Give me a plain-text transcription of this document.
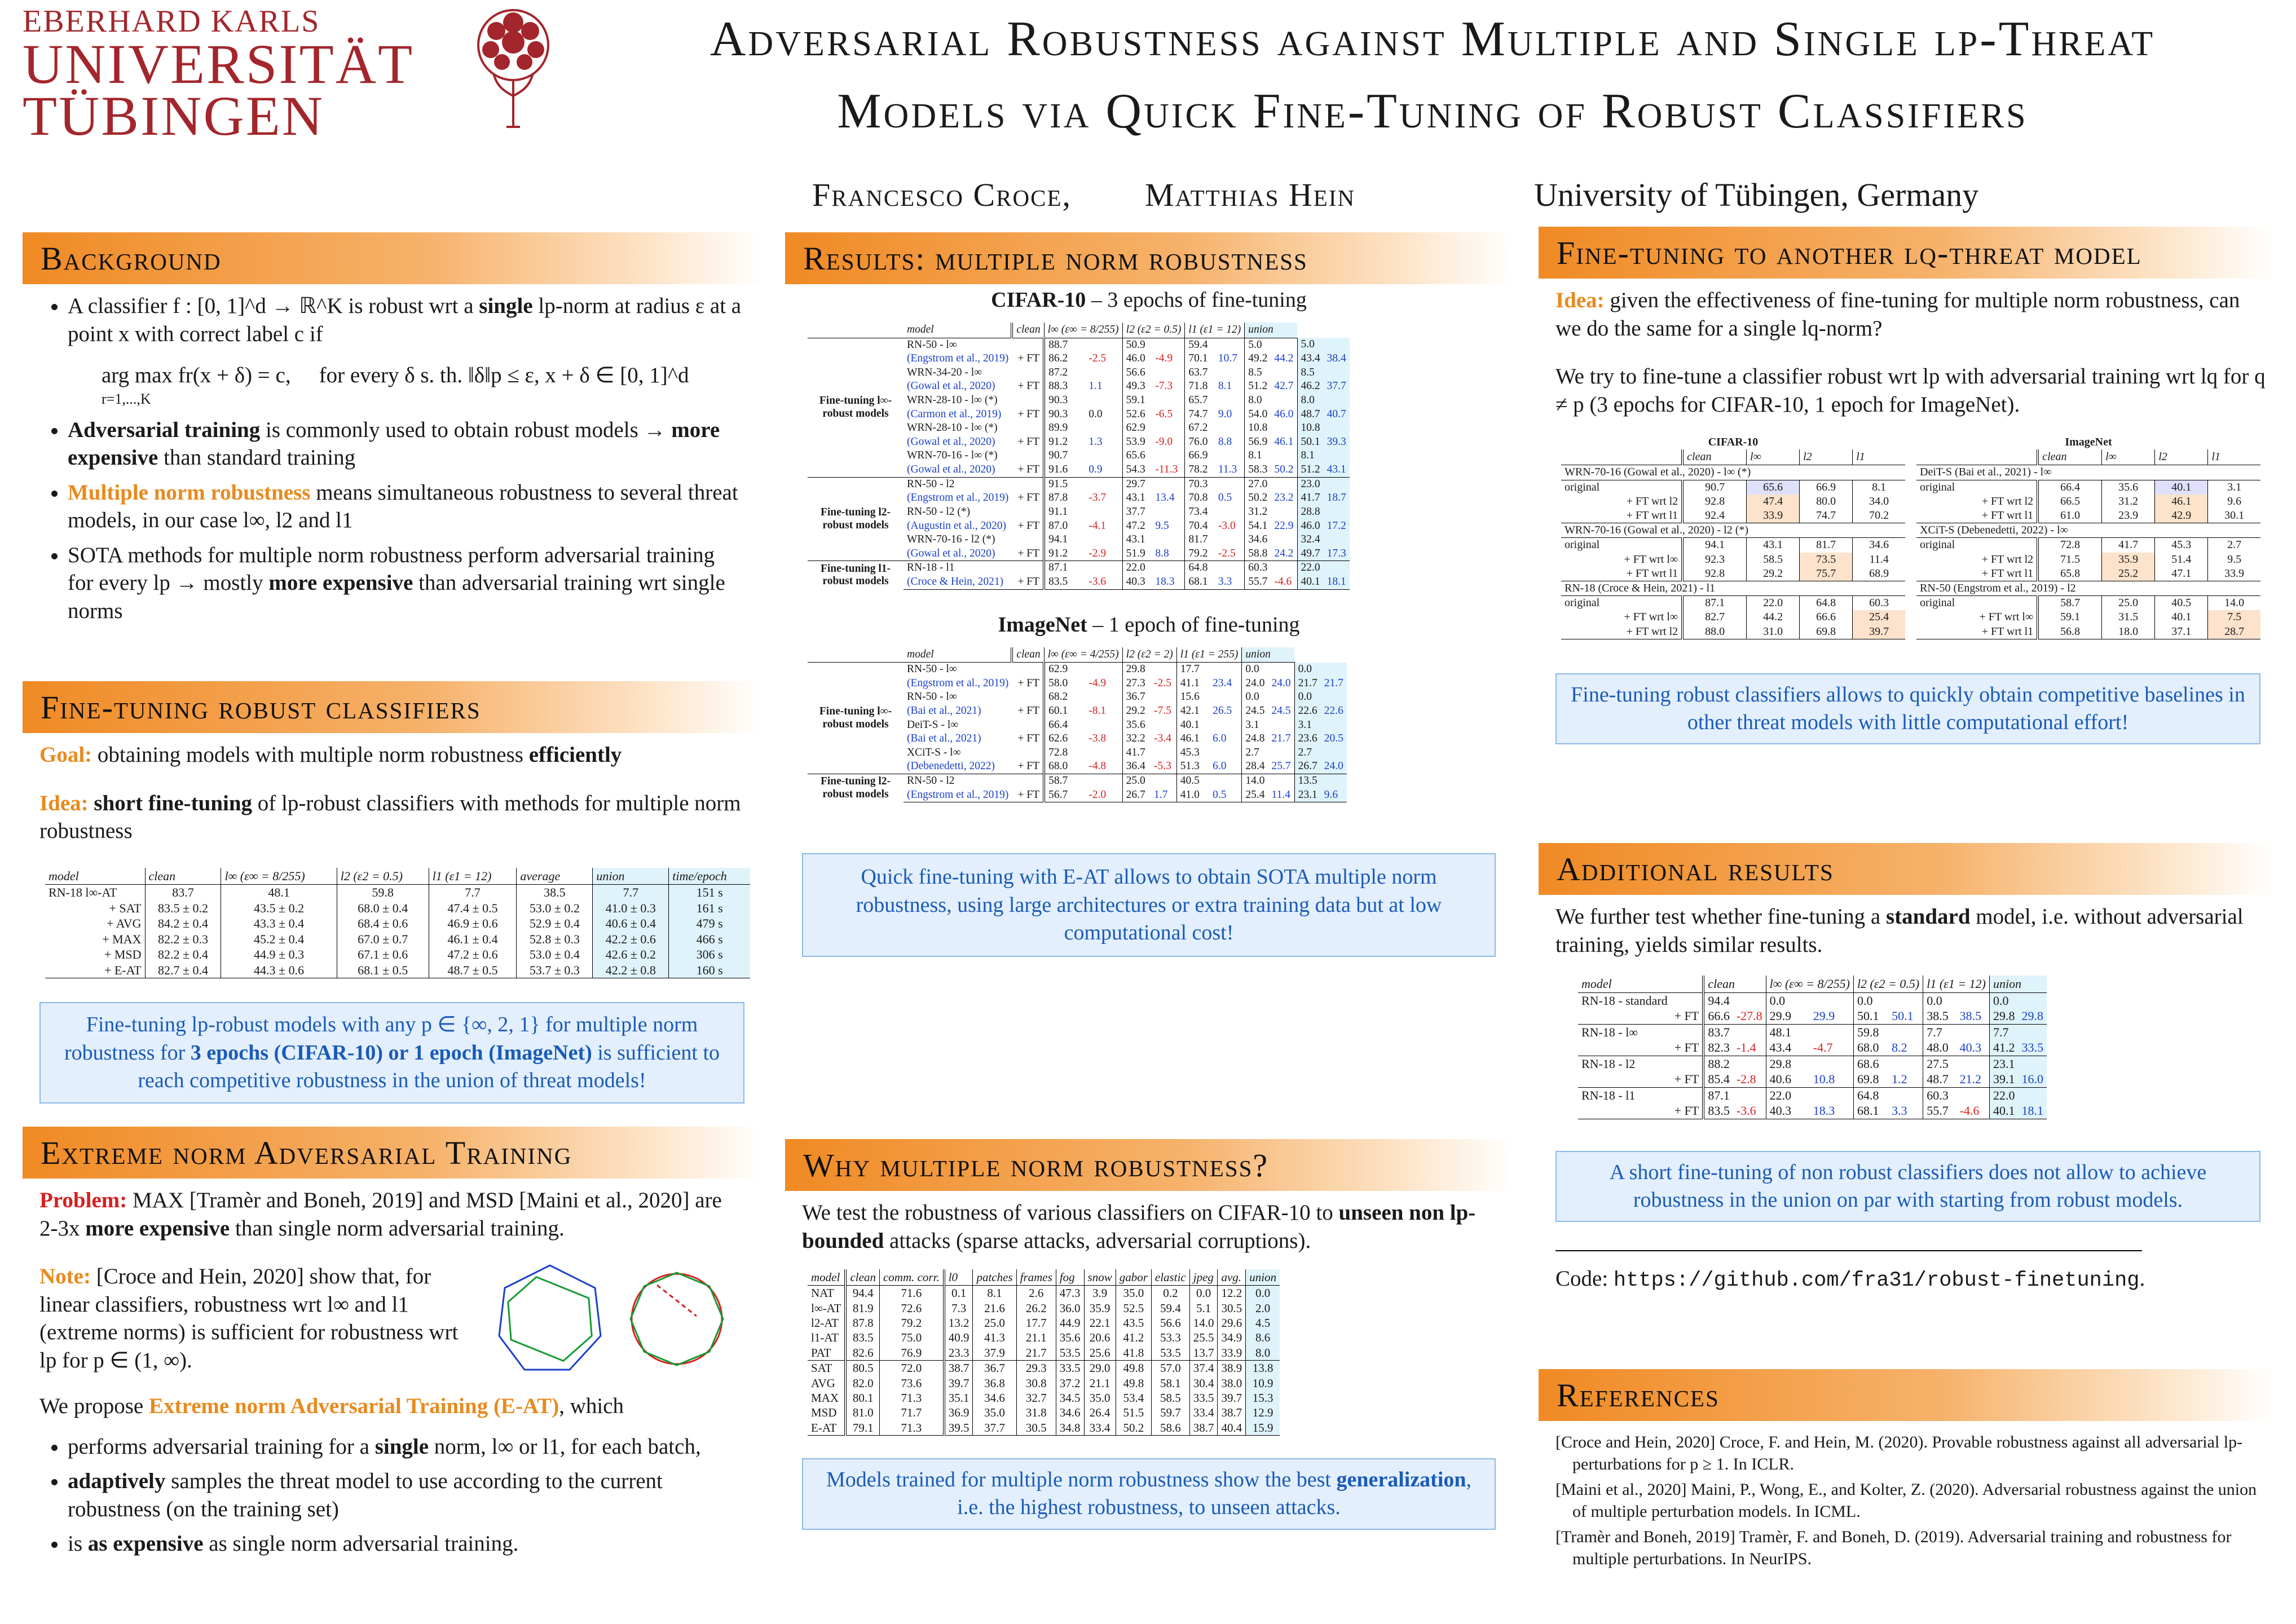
EBERHARD KARLS
UNIVERSITÄT
TÜBINGEN
Adversarial Robustness against Multiple and Single lp-Threat
Models via Quick Fine-Tuning of Robust Classifiers
Francesco Croce, Matthias Hein	University of Tübingen, Germany
Background
• A classifier f : [0, 1]^d → ℝ^K is robust wrt a single lp-norm at radius ε at a point x with correct label c if
arg max fr(x + δ) = c,
r=1,...,K
for every δ s. th. ‖δ‖p ≤ ε, x + δ ∈ [0, 1]^d
• Adversarial training is commonly used to obtain robust models → more expensive than standard training
• Multiple norm robustness means simultaneous robustness to several threat models, in our case l∞, l2 and l1
• SOTA methods for multiple norm robustness perform adversarial training for every lp → mostly more expensive than adversarial training wrt single norms
Fine-tuning robust classifiers
Goal: obtaining models with multiple norm robustness efficiently
Idea: short fine-tuning of lp-robust classifiers with methods for multiple norm robustness
model	clean	l∞ (ε∞ = 8/255)	l2 (ε2 = 0.5)	l1 (ε1 = 12)	average	union	time/epoch
RN-18 l∞-AT	83.7	48.1	59.8	7.7	38.5	7.7	151 s
+ SAT	83.5 ± 0.2	43.5 ± 0.2	68.0 ± 0.4	47.4 ± 0.5	53.0 ± 0.2	41.0 ± 0.3	161 s
+ AVG	84.2 ± 0.4	43.3 ± 0.4	68.4 ± 0.6	46.9 ± 0.6	52.9 ± 0.4	40.6 ± 0.4	479 s
+ MAX	82.2 ± 0.3	45.2 ± 0.4	67.0 ± 0.7	46.1 ± 0.4	52.8 ± 0.3	42.2 ± 0.6	466 s
+ MSD	82.2 ± 0.4	44.9 ± 0.3	67.1 ± 0.6	47.2 ± 0.6	53.0 ± 0.4	42.6 ± 0.2	306 s
+ E-AT	82.7 ± 0.4	44.3 ± 0.6	68.1 ± 0.5	48.7 ± 0.5	53.7 ± 0.3	42.2 ± 0.8	160 s
Fine-tuning lp-robust models with any p ∈ {∞, 2, 1} for multiple norm robustness for 3 epochs (CIFAR-10) or 1 epoch (ImageNet) is sufficient to reach competitive robustness in the union of threat models!
Extreme norm Adversarial Training
Problem: MAX [Tramèr and Boneh, 2019] and MSD [Maini et al., 2020] are 2-3x more expensive than single norm adversarial training.
Note: [Croce and Hein, 2020] show that, for linear classifiers, robustness wrt l∞ and l1 (extreme norms) is sufficient for robustness wrt lp for p ∈ (1, ∞).
We propose Extreme norm Adversarial Training (E-AT), which
• performs adversarial training for a single norm, l∞ or l1, for each batch,
• adaptively samples the threat model to use according to the current robustness (on the training set)
• is as expensive as single norm adversarial training.
Results: multiple norm robustness
CIFAR-10 – 3 epochs of fine-tuning
	model	clean	l∞ (ε∞ = 8/255)		l2 (ε2 = 0.5)		l1 (ε1 = 12)		union			
Fine-tuning l∞-robust models	RN-50 - l∞		88.7		50.9		59.4		5.0		5.0	
	(Engstrom et al., 2019)	+ FT	86.2	-2.5	46.0	-4.9	70.1	10.7	49.2	44.2	43.4	38.4
	WRN-34-20 - l∞		87.2		56.6		63.7		8.5		8.5	
	(Gowal et al., 2020)	+ FT	88.3	1.1	49.3	-7.3	71.8	8.1	51.2	42.7	46.2	37.7
	WRN-28-10 - l∞ (*)		90.3		59.1		65.7		8.0		8.0	
	(Carmon et al., 2019)	+ FT	90.3	0.0	52.6	-6.5	74.7	9.0	54.0	46.0	48.7	40.7
	WRN-28-10 - l∞ (*)		89.9		62.9		67.2		10.8		10.8	
	(Gowal et al., 2020)	+ FT	91.2	1.3	53.9	-9.0	76.0	8.8	56.9	46.1	50.1	39.3
	WRN-70-16 - l∞ (*)		90.7		65.6		66.9		8.1		8.1	
	(Gowal et al., 2020)	+ FT	91.6	0.9	54.3	-11.3	78.2	11.3	58.3	50.2	51.2	43.1
Fine-tuning l2-robust models	RN-50 - l2		91.5		29.7		70.3		27.0		23.0	
	(Engstrom et al., 2019)	+ FT	87.8	-3.7	43.1	13.4	70.8	0.5	50.2	23.2	41.7	18.7
	RN-50 - l2 (*)		91.1		37.7		73.4		31.2		28.8	
	(Augustin et al., 2020)	+ FT	87.0	-4.1	47.2	9.5	70.4	-3.0	54.1	22.9	46.0	17.2
	WRN-70-16 - l2 (*)		94.1		43.1		81.7		34.6		32.4	
	(Gowal et al., 2020)	+ FT	91.2	-2.9	51.9	8.8	79.2	-2.5	58.8	24.2	49.7	17.3
Fine-tuning l1-robust models	RN-18 - l1		87.1		22.0		64.8		60.3		22.0	
	(Croce & Hein, 2021)	+ FT	83.5	-3.6	40.3	18.3	68.1	3.3	55.7	-4.6	40.1	18.1
ImageNet – 1 epoch of fine-tuning
	model	clean	l∞ (ε∞ = 4/255)		l2 (ε2 = 2)		l1 (ε1 = 255)		union			
Fine-tuning l∞-robust models	RN-50 - l∞		62.9		29.8		17.7		0.0		0.0	
	(Engstrom et al., 2019)	+ FT	58.0	-4.9	27.3	-2.5	41.1	23.4	24.0	24.0	21.7	21.7
	RN-50 - l∞		68.2		36.7		15.6		0.0		0.0	
	(Bai et al., 2021)	+ FT	60.1	-8.1	29.2	-7.5	42.1	26.5	24.5	24.5	22.6	22.6
	DeiT-S - l∞		66.4		35.6		40.1		3.1		3.1	
	(Bai et al., 2021)	+ FT	62.6	-3.8	32.2	-3.4	46.1	6.0	24.8	21.7	23.6	20.5
	XCiT-S - l∞		72.8		41.7		45.3		2.7		2.7	
	(Debenedetti, 2022)	+ FT	68.0	-4.8	36.4	-5.3	51.3	6.0	28.4	25.7	26.7	24.0
Fine-tuning l2-robust models	RN-50 - l2		58.7		25.0		40.5		14.0		13.5	
	(Engstrom et al., 2019)	+ FT	56.7	-2.0	26.7	1.7	41.0	0.5	25.4	11.4	23.1	9.6
Quick fine-tuning with E-AT allows to obtain SOTA multiple norm robustness, using large architectures or extra training data but at low computational cost!
Why multiple norm robustness?
We test the robustness of various classifiers on CIFAR-10 to unseen non lp-bounded attacks (sparse attacks, adversarial corruptions).
model	clean	comm. corr.	l0	patches	frames	fog	snow	gabor	elastic	jpeg	avg.	union
NAT	94.4	71.6	0.1	8.1	2.6	47.3	3.9	35.0	0.2	0.0	12.2	0.0
l∞-AT	81.9	72.6	7.3	21.6	26.2	36.0	35.9	52.5	59.4	5.1	30.5	2.0
l2-AT	87.8	79.2	13.2	25.0	17.7	44.9	22.1	43.5	56.6	14.0	29.6	4.5
l1-AT	83.5	75.0	40.9	41.3	21.1	35.6	20.6	41.2	53.3	25.5	34.9	8.6
PAT	82.6	76.9	23.3	37.9	21.7	53.5	25.6	41.8	53.5	13.7	33.9	8.0
SAT	80.5	72.0	38.7	36.7	29.3	33.5	29.0	49.8	57.0	37.4	38.9	13.8
AVG	82.0	73.6	39.7	36.8	30.8	37.2	21.1	49.8	58.1	30.4	38.0	10.9
MAX	80.1	71.3	35.1	34.6	32.7	34.5	35.0	53.4	58.5	33.5	39.7	15.3
MSD	81.0	71.7	36.9	35.0	31.8	34.6	26.4	51.5	59.7	33.4	38.7	12.9
E-AT	79.1	71.3	39.5	37.7	30.5	34.8	33.4	50.2	58.6	38.7	40.4	15.9
Models trained for multiple norm robustness show the best generalization, i.e. the highest robustness, to unseen attacks.
Fine-tuning to another lq-threat model
Idea: given the effectiveness of fine-tuning for multiple norm robustness, can we do the same for a single lq-norm?
We try to fine-tune a classifier robust wrt lp with adversarial training wrt lq for q ≠ p (3 epochs for CIFAR-10, 1 epoch for ImageNet).
CIFAR-10				
	clean	l∞	l2	l1
WRN-70-16 (Gowal et al., 2020) - l∞ (*)				
original	90.7	65.6	66.9	8.1
+ FT wrt l2	92.8	47.4	80.0	34.0
+ FT wrt l1	92.4	33.9	74.7	70.2
WRN-70-16 (Gowal et al., 2020) - l2 (*)				
original	94.1	43.1	81.7	34.6
+ FT wrt l∞	92.3	58.5	73.5	11.4
+ FT wrt l1	92.8	29.2	75.7	68.9
RN-18 (Croce & Hein, 2021) - l1				
original	87.1	22.0	64.8	60.3
+ FT wrt l∞	82.7	44.2	66.6	25.4
+ FT wrt l2	88.0	31.0	69.8	39.7
ImageNet				
	clean	l∞	l2	l1
DeiT-S (Bai et al., 2021) - l∞				
original	66.4	35.6	40.1	3.1
+ FT wrt l2	66.5	31.2	46.1	9.6
+ FT wrt l1	61.0	23.9	42.9	30.1
XCiT-S (Debenedetti, 2022) - l∞				
original	72.8	41.7	45.3	2.7
+ FT wrt l2	71.5	35.9	51.4	9.5
+ FT wrt l1	65.8	25.2	47.1	33.9
RN-50 (Engstrom et al., 2019) - l2				
original	58.7	25.0	40.5	14.0
+ FT wrt l∞	59.1	31.5	40.1	7.5
+ FT wrt l1	56.8	18.0	37.1	28.7
Fine-tuning robust classifiers allows to quickly obtain competitive baselines in other threat models with little computational effort!
Additional results
We further test whether fine-tuning a standard model, i.e. without adversarial training, yields similar results.
model		clean		l∞ (ε∞ = 8/255)		l2 (ε2 = 0.5)		l1 (ε1 = 12)		union	
RN-18 - standard		94.4		0.0		0.0		0.0		0.0	
	+ FT	66.6	-27.8	29.9	29.9	50.1	50.1	38.5	38.5	29.8	29.8
RN-18 - l∞		83.7		48.1		59.8		7.7		7.7	
	+ FT	82.3	-1.4	43.4	-4.7	68.0	8.2	48.0	40.3	41.2	33.5
RN-18 - l2		88.2		29.8		68.6		27.5		23.1	
	+ FT	85.4	-2.8	40.6	10.8	69.8	1.2	48.7	21.2	39.1	16.0
RN-18 - l1		87.1		22.0		64.8		60.3		22.0	
	+ FT	83.5	-3.6	40.3	18.3	68.1	3.3	55.7	-4.6	40.1	18.1
A short fine-tuning of non robust classifiers does not allow to achieve robustness in the union on par with starting from robust models.
Code: https://github.com/fra31/robust-finetuning.
References
[Croce and Hein, 2020] Croce, F. and Hein, M. (2020). Provable robustness against all adversarial lp-perturbations for p ≥ 1. In ICLR.
[Maini et al., 2020] Maini, P., Wong, E., and Kolter, Z. (2020). Adversarial robustness against the union of multiple perturbation models. In ICML.
[Tramèr and Boneh, 2019] Tramèr, F. and Boneh, D. (2019). Adversarial training and robustness for multiple perturbations. In NeurIPS.
